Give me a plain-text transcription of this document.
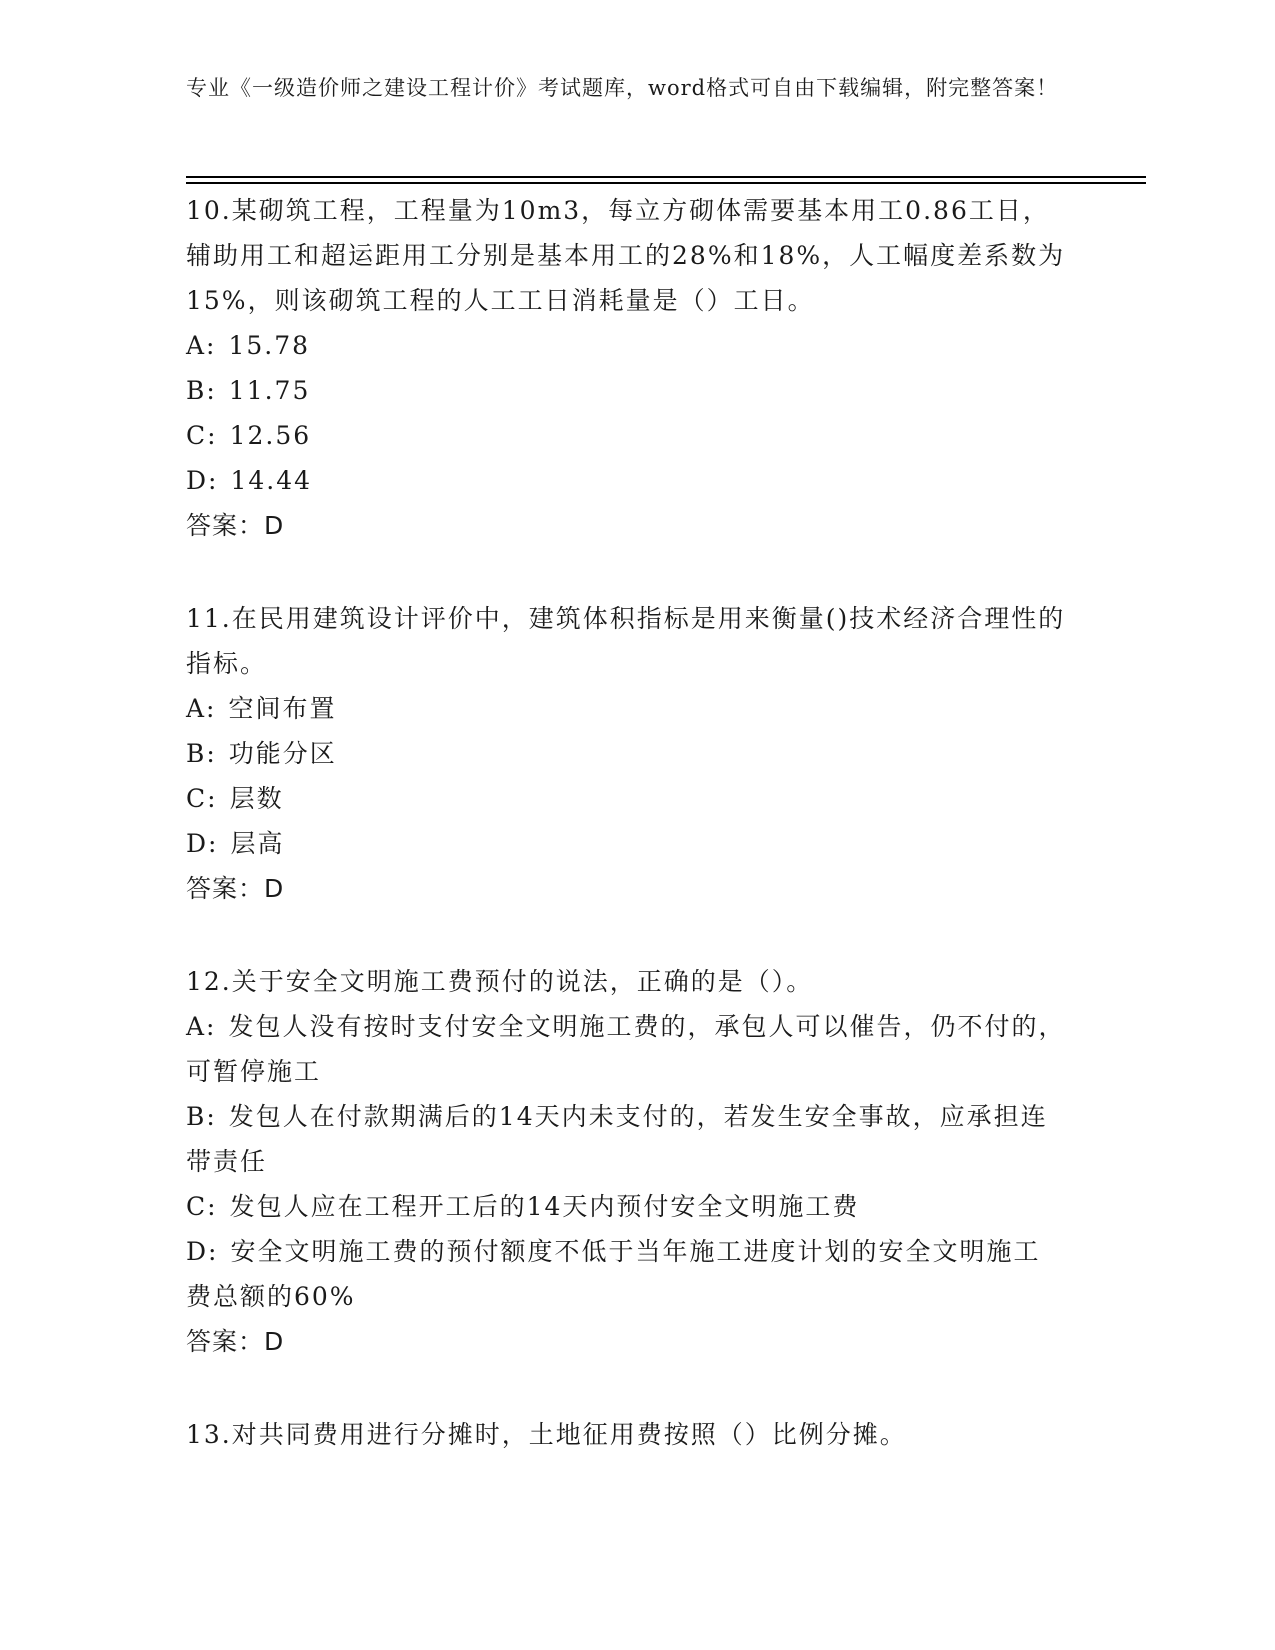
专业《一级造价师之建设工程计价》考试题库，word格式可自由下载编辑，附完整答案！

10.某砌筑工程，工程量为10m3，每立方砌体需要基本用工0.86工日，辅助用工和超运距用工分别是基本用工的28%和18%，人工幅度差系数为15%，则该砌筑工程的人工工日消耗量是（）工日。

A: 15.78

B: 11.75

C: 12.56

D: 14.44

答案：D

11.在民用建筑设计评价中，建筑体积指标是用来衡量()技术经济合理性的指标。

A: 空间布置

B: 功能分区

C: 层数

D: 层高

答案：D

12.关于安全文明施工费预付的说法，正确的是（）。

A: 发包人没有按时支付安全文明施工费的，承包人可以催告，仍不付的，可暂停施工

B: 发包人在付款期满后的14天内未支付的，若发生安全事故，应承担连带责任

C: 发包人应在工程开工后的14天内预付安全文明施工费

D: 安全文明施工费的预付额度不低于当年施工进度计划的安全文明施工费总额的60%

答案：D

13.对共同费用进行分摊时，土地征用费按照（）比例分摊。
